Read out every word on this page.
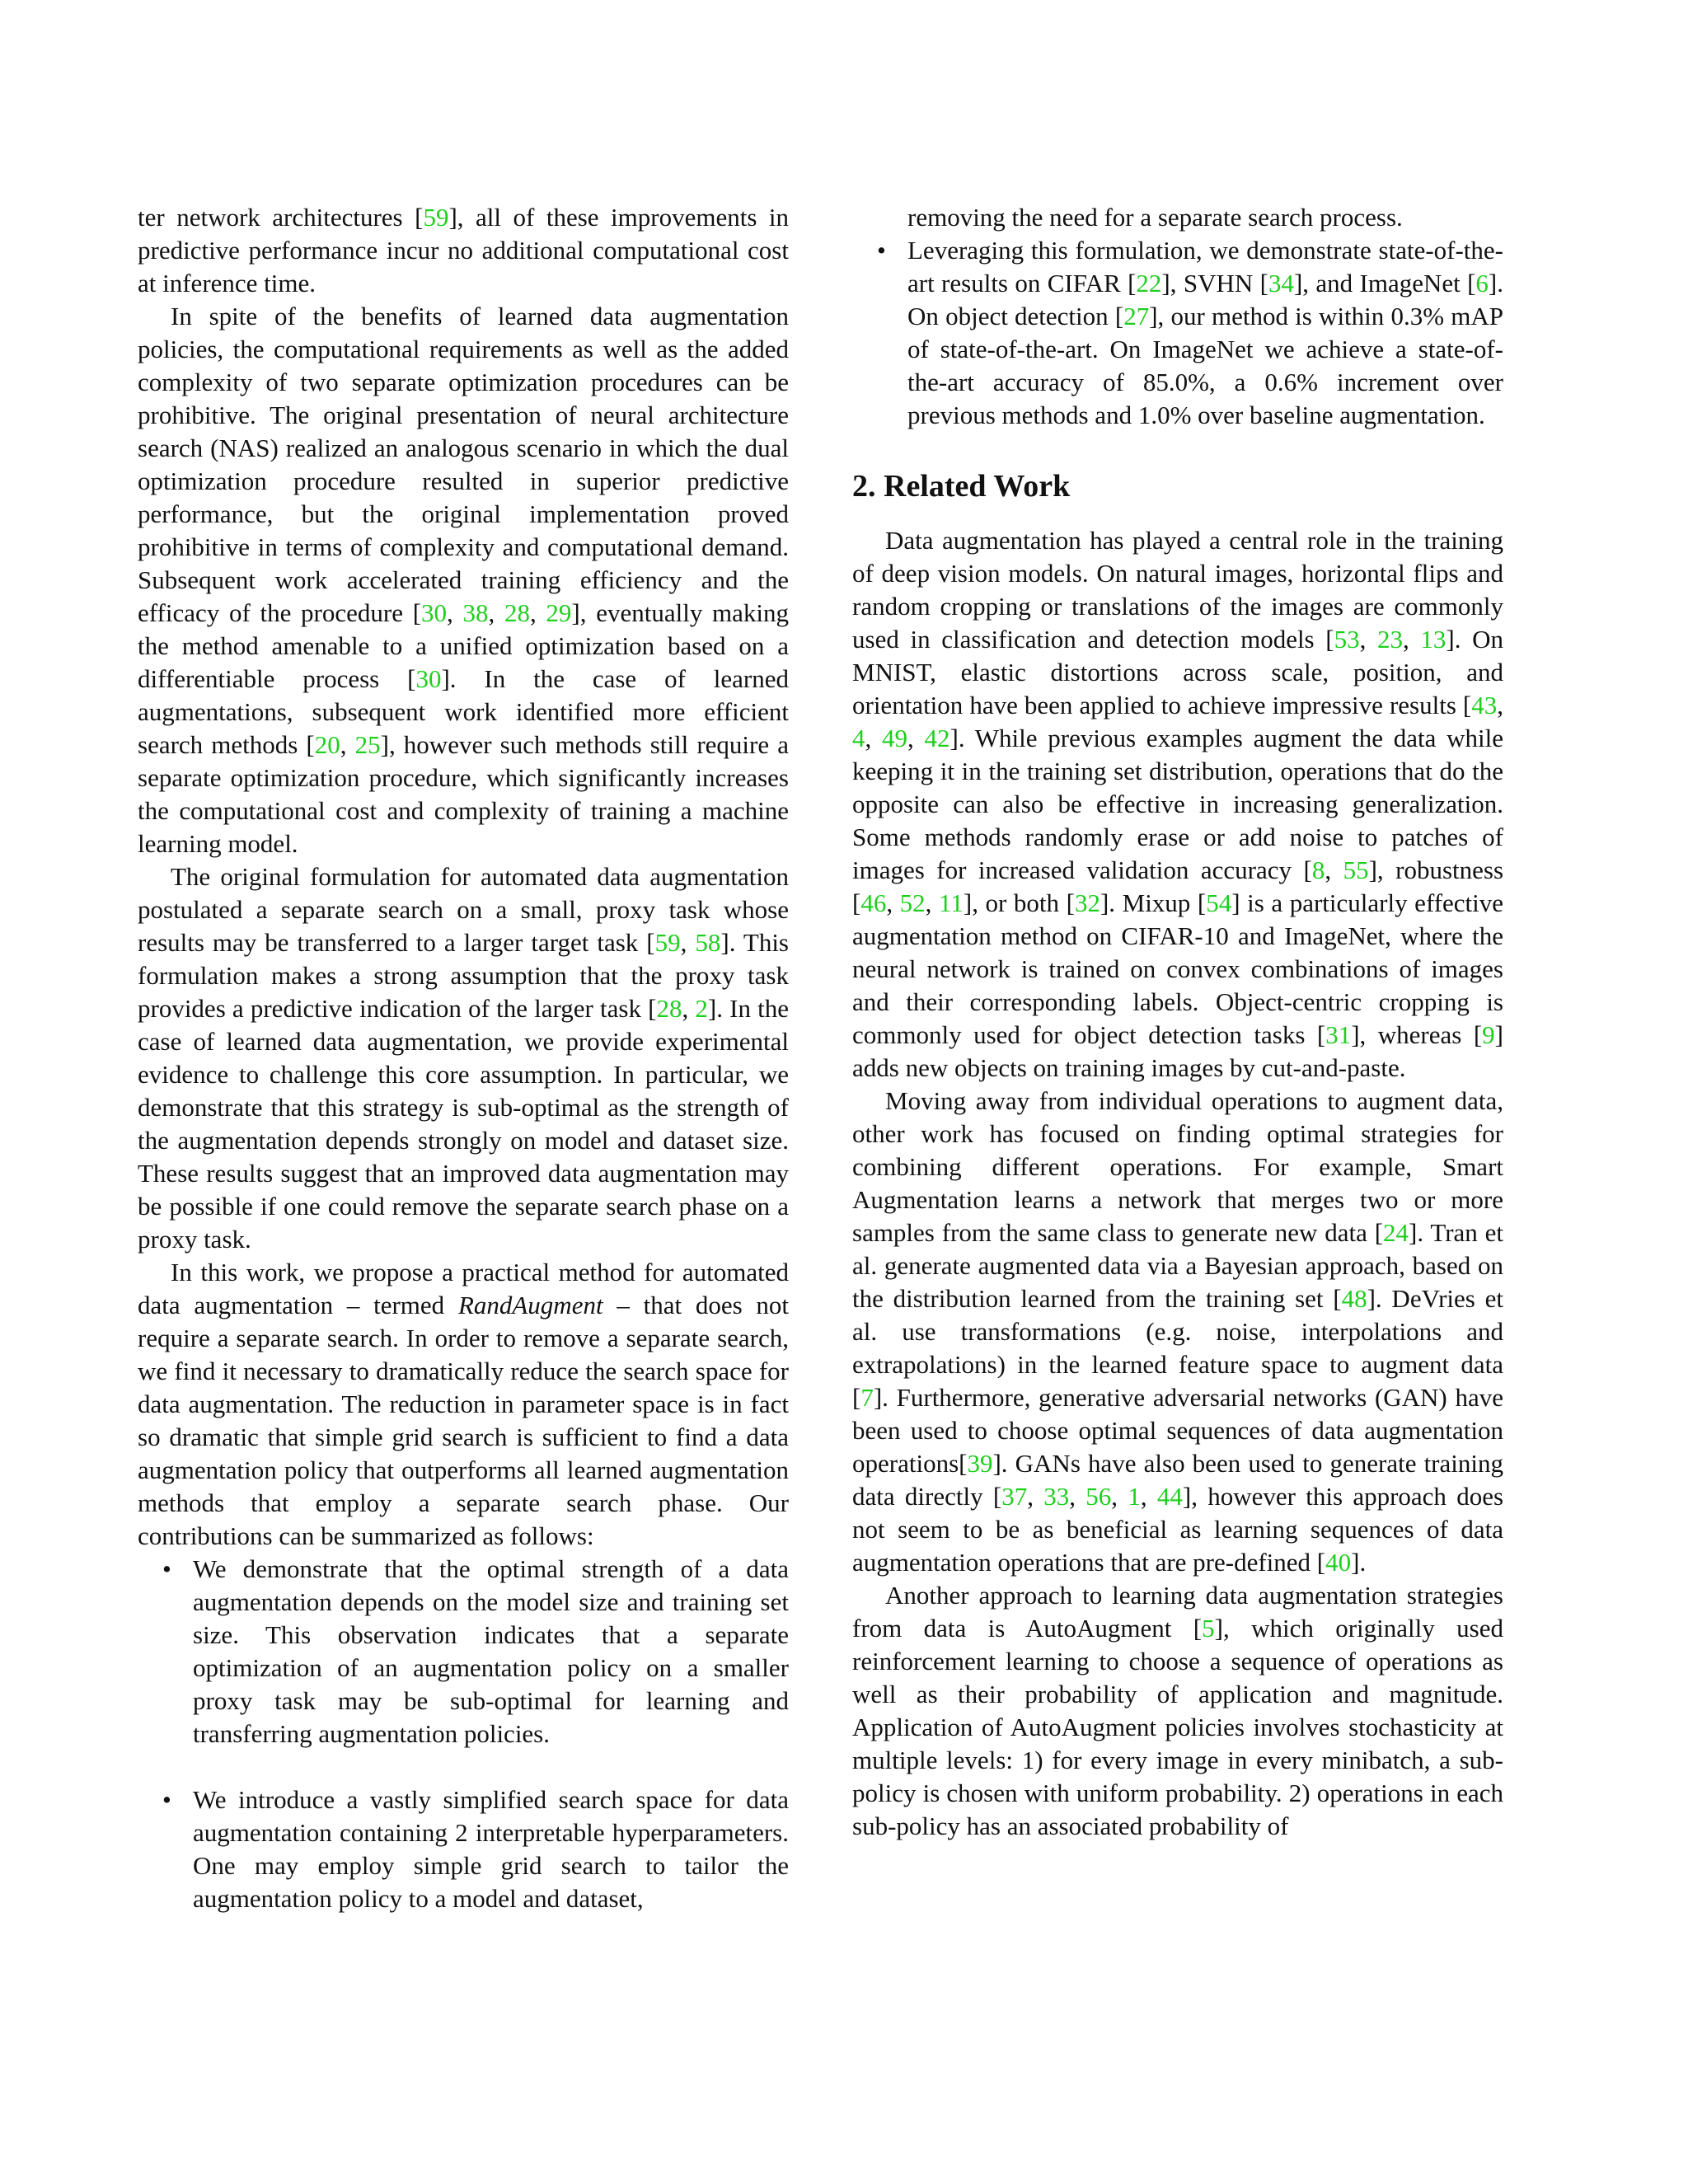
ter network architectures [59], all of these improvements in predictive performance incur no additional computational cost at inference time.

In spite of the benefits of learned data augmentation policies, the computational requirements as well as the added complexity of two separate optimization procedures can be prohibitive. The original presentation of neural architecture search (NAS) realized an analogous scenario in which the dual optimization procedure resulted in superior predictive performance, but the original implementation proved prohibitive in terms of complexity and computational demand. Subsequent work accelerated training efficiency and the efficacy of the procedure [30, 38, 28, 29], eventually making the method amenable to a unified optimization based on a differentiable process [30]. In the case of learned augmentations, subsequent work identified more efficient search methods [20, 25], however such methods still require a separate optimization procedure, which significantly increases the computational cost and complexity of training a machine learning model.

The original formulation for automated data augmentation postulated a separate search on a small, proxy task whose results may be transferred to a larger target task [59, 58]. This formulation makes a strong assumption that the proxy task provides a predictive indication of the larger task [28, 2]. In the case of learned data augmentation, we provide experimental evidence to challenge this core assumption. In particular, we demonstrate that this strategy is sub-optimal as the strength of the augmentation depends strongly on model and dataset size. These results suggest that an improved data augmentation may be possible if one could remove the separate search phase on a proxy task.

In this work, we propose a practical method for automated data augmentation – termed RandAugment – that does not require a separate search. In order to remove a separate search, we find it necessary to dramatically reduce the search space for data augmentation. The reduction in parameter space is in fact so dramatic that simple grid search is sufficient to find a data augmentation policy that outperforms all learned augmentation methods that employ a separate search phase. Our contributions can be summarized as follows:

• We demonstrate that the optimal strength of a data augmentation depends on the model size and training set size. This observation indicates that a separate optimization of an augmentation policy on a smaller proxy task may be sub-optimal for learning and transferring augmentation policies.

• We introduce a vastly simplified search space for data augmentation containing 2 interpretable hyperparameters. One may employ simple grid search to tailor the augmentation policy to a model and dataset,

removing the need for a separate search process.

• Leveraging this formulation, we demonstrate state-of-the-art results on CIFAR [22], SVHN [34], and ImageNet [6]. On object detection [27], our method is within 0.3% mAP of state-of-the-art. On ImageNet we achieve a state-of-the-art accuracy of 85.0%, a 0.6% increment over previous methods and 1.0% over baseline augmentation.

2. Related Work

Data augmentation has played a central role in the training of deep vision models. On natural images, horizontal flips and random cropping or translations of the images are commonly used in classification and detection models [53, 23, 13]. On MNIST, elastic distortions across scale, position, and orientation have been applied to achieve impressive results [43, 4, 49, 42]. While previous examples augment the data while keeping it in the training set distribution, operations that do the opposite can also be effective in increasing generalization. Some methods randomly erase or add noise to patches of images for increased validation accuracy [8, 55], robustness [46, 52, 11], or both [32]. Mixup [54] is a particularly effective augmentation method on CIFAR-10 and ImageNet, where the neural network is trained on convex combinations of images and their corresponding labels. Object-centric cropping is commonly used for object detection tasks [31], whereas [9] adds new objects on training images by cut-and-paste.

Moving away from individual operations to augment data, other work has focused on finding optimal strategies for combining different operations. For example, Smart Augmentation learns a network that merges two or more samples from the same class to generate new data [24]. Tran et al. generate augmented data via a Bayesian approach, based on the distribution learned from the training set [48]. DeVries et al. use transformations (e.g. noise, interpolations and extrapolations) in the learned feature space to augment data [7]. Furthermore, generative adversarial networks (GAN) have been used to choose optimal sequences of data augmentation operations[39]. GANs have also been used to generate training data directly [37, 33, 56, 1, 44], however this approach does not seem to be as beneficial as learning sequences of data augmentation operations that are pre-defined [40].

Another approach to learning data augmentation strategies from data is AutoAugment [5], which originally used reinforcement learning to choose a sequence of operations as well as their probability of application and magnitude. Application of AutoAugment policies involves stochasticity at multiple levels: 1) for every image in every minibatch, a sub-policy is chosen with uniform probability. 2) operations in each sub-policy has an associated probability of
